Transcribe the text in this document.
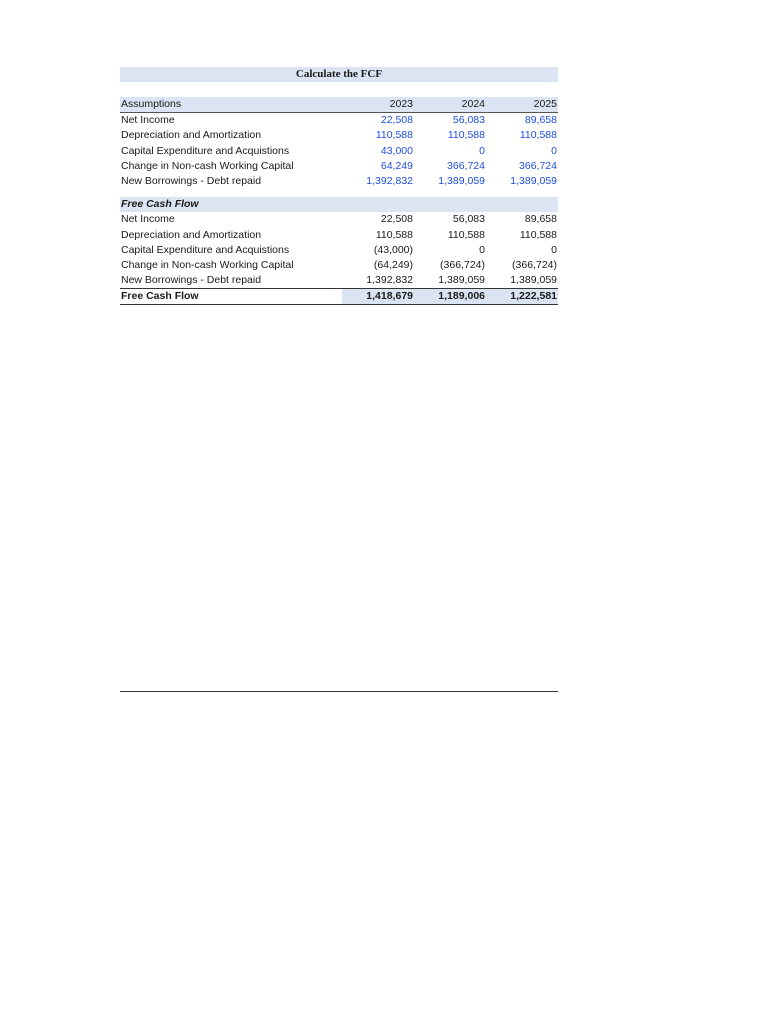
Calculate the FCF
Assumptions	2023	2024	2025
Net Income	22,508	56,083	89,658
Depreciation and Amortization	110,588	110,588	110,588
Capital Expenditure and Acquistions	43,000	0	0
Change in Non-cash Working Capital	64,249	366,724	366,724
New Borrowings - Debt repaid	1,392,832	1,389,059	1,389,059
Free Cash Flow
Net Income	22,508	56,083	89,658
Depreciation and Amortization	110,588	110,588	110,588
Capital Expenditure and Acquistions	(43,000)	0	0
Change in Non-cash Working Capital	(64,249)	(366,724)	(366,724)
New Borrowings - Debt repaid	1,392,832	1,389,059	1,389,059
Free Cash Flow	1,418,679	1,189,006	1,222,581
